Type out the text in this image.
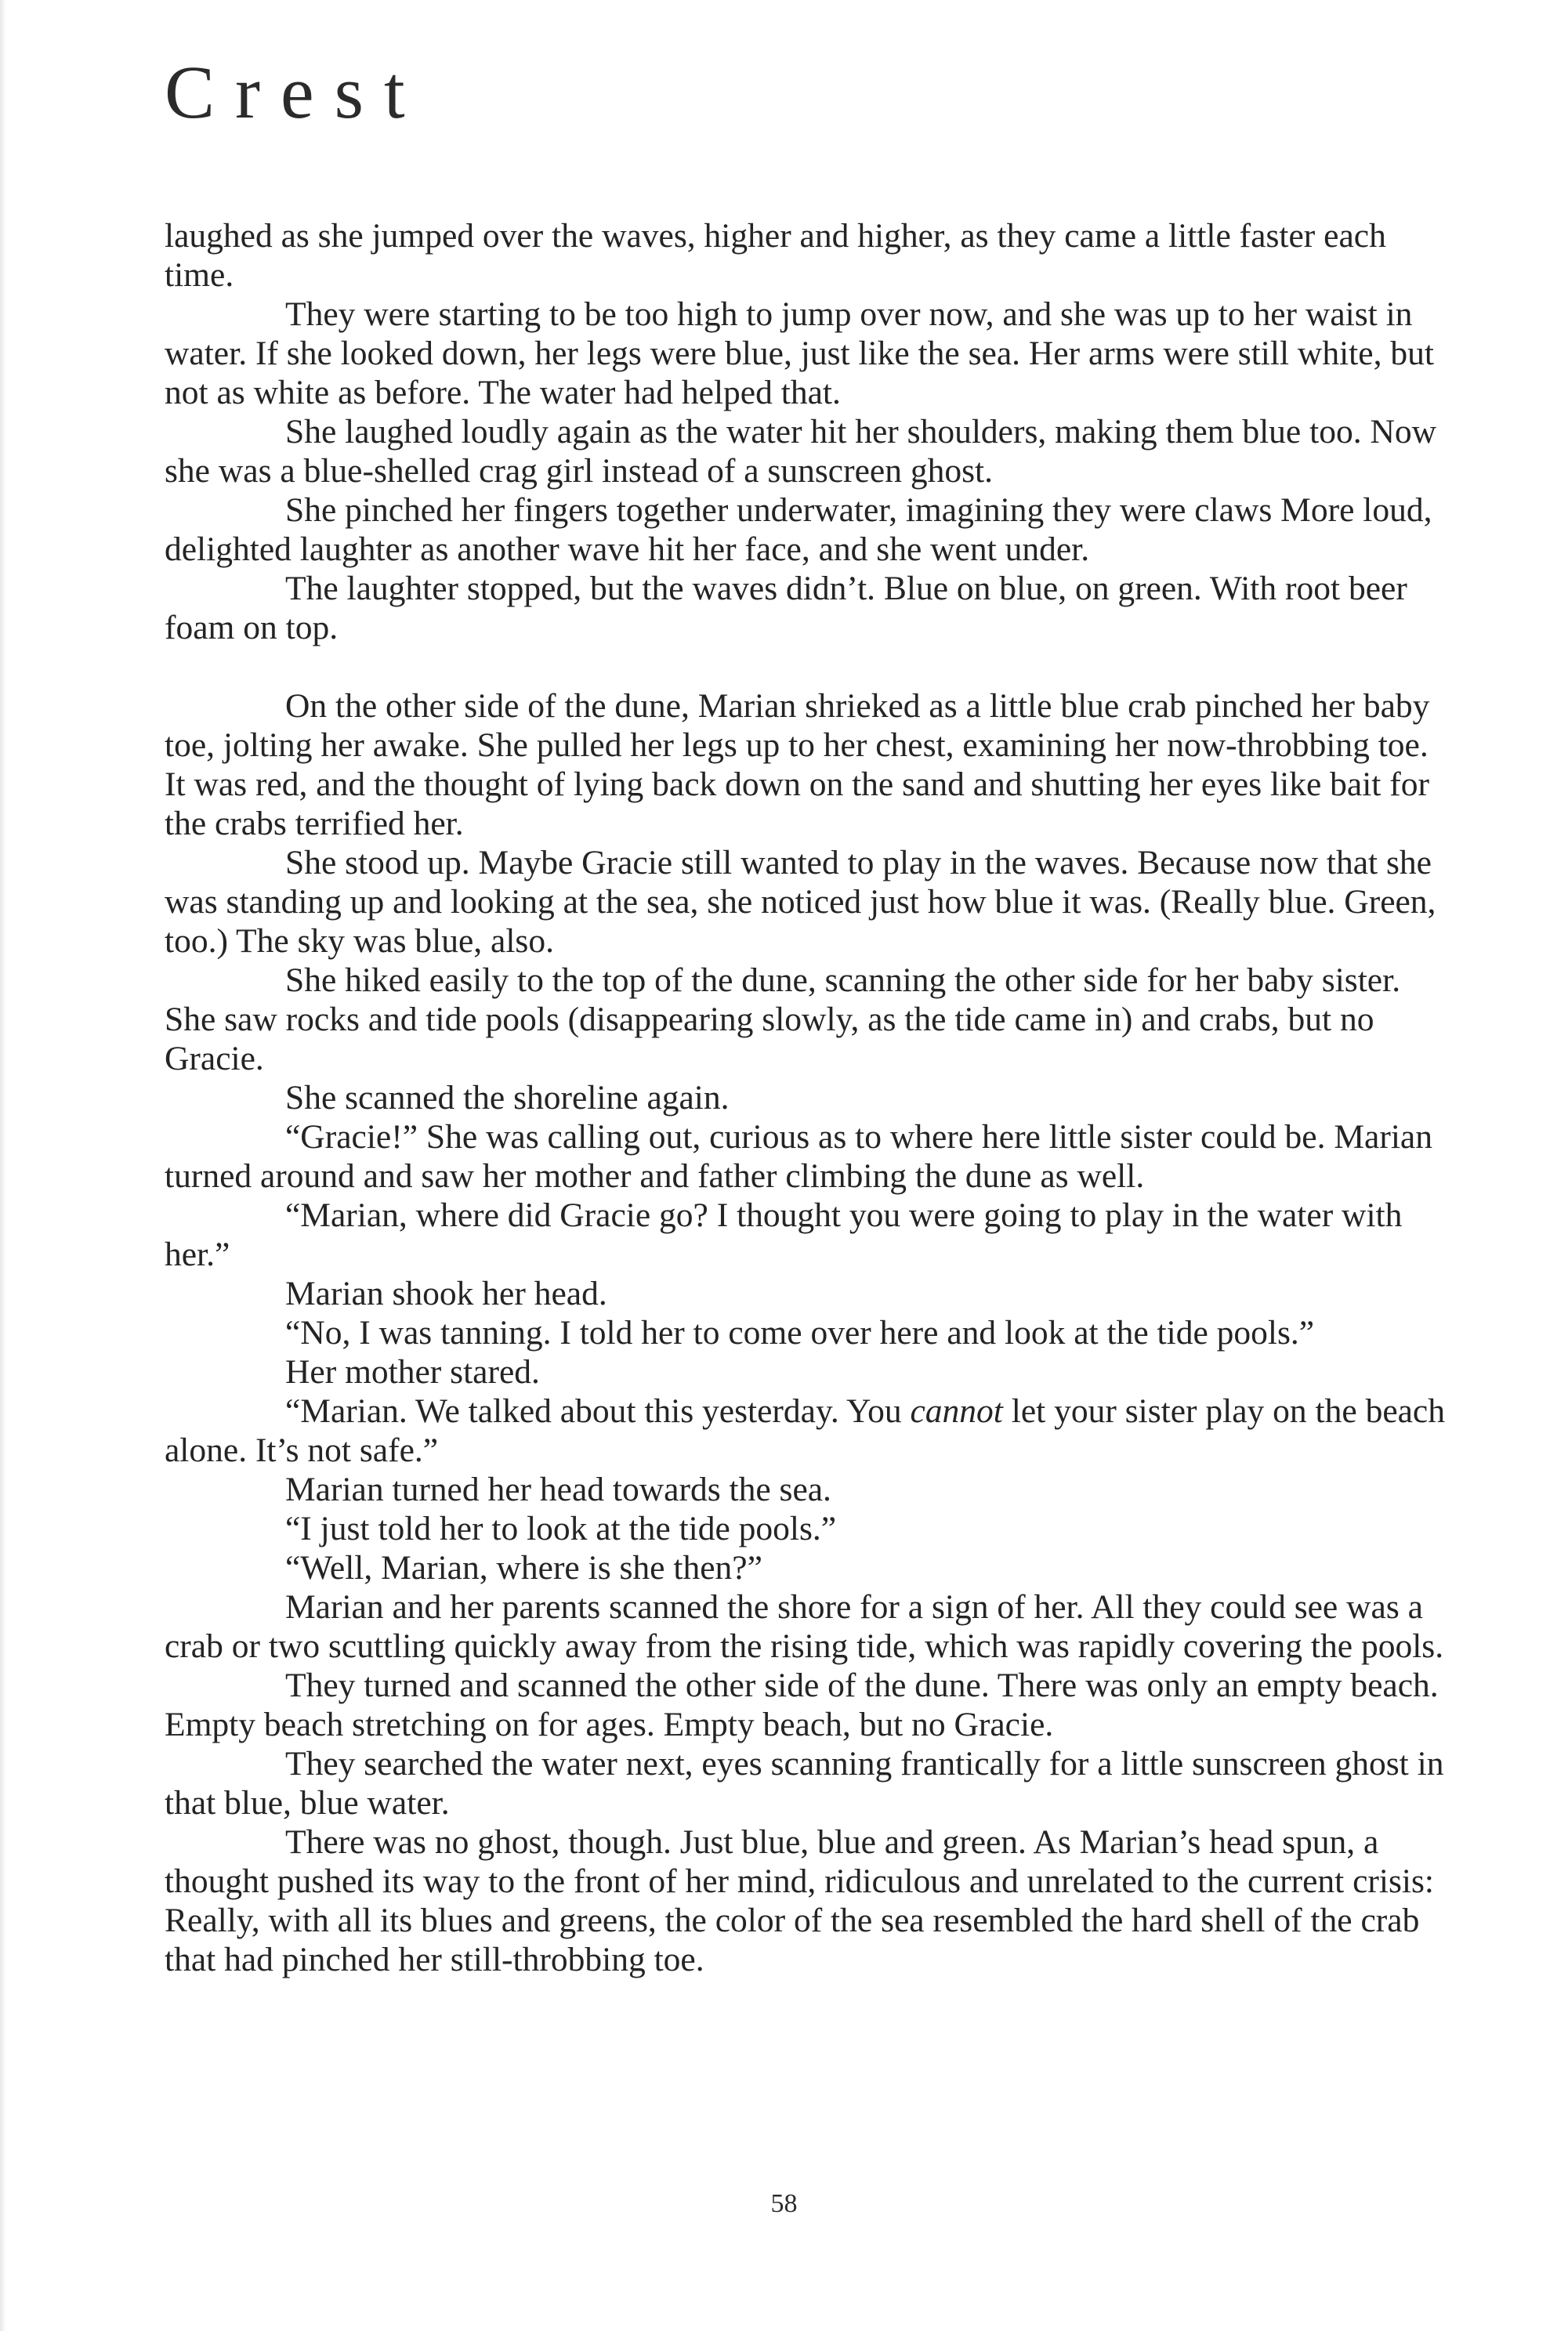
Crest

laughed as she jumped over the waves, higher and higher, as they came a little faster each time.

They were starting to be too high to jump over now, and she was up to her waist in water. If she looked down, her legs were blue, just like the sea. Her arms were still white, but not as white as before. The water had helped that.

She laughed loudly again as the water hit her shoulders, making them blue too. Now she was a blue-shelled crag girl instead of a sunscreen ghost.

She pinched her fingers together underwater, imagining they were claws More loud, delighted laughter as another wave hit her face, and she went under.

The laughter stopped, but the waves didn’t. Blue on blue, on green. With root beer foam on top.

On the other side of the dune, Marian shrieked as a little blue crab pinched her baby toe, jolting her awake. She pulled her legs up to her chest, examining her now-throbbing toe. It was red, and the thought of lying back down on the sand and shutting her eyes like bait for the crabs terrified her.

She stood up. Maybe Gracie still wanted to play in the waves. Because now that she was standing up and looking at the sea, she noticed just how blue it was. (Really blue. Green, too.) The sky was blue, also.

She hiked easily to the top of the dune, scanning the other side for her baby sister. She saw rocks and tide pools (disappearing slowly, as the tide came in) and crabs, but no Gracie.

She scanned the shoreline again.

“Gracie!” She was calling out, curious as to where here little sister could be. Marian turned around and saw her mother and father climbing the dune as well.

“Marian, where did Gracie go? I thought you were going to play in the water with her.”

Marian shook her head.

“No, I was tanning. I told her to come over here and look at the tide pools.”

Her mother stared.

“Marian. We talked about this yesterday. You cannot let your sister play on the beach alone. It’s not safe.”

Marian turned her head towards the sea.

“I just told her to look at the tide pools.”

“Well, Marian, where is she then?”

Marian and her parents scanned the shore for a sign of her. All they could see was a crab or two scuttling quickly away from the rising tide, which was rapidly covering the pools.

They turned and scanned the other side of the dune. There was only an empty beach. Empty beach stretching on for ages. Empty beach, but no Gracie.

They searched the water next, eyes scanning frantically for a little sunscreen ghost in that blue, blue water.

There was no ghost, though. Just blue, blue and green. As Marian’s head spun, a thought pushed its way to the front of her mind, ridiculous and unrelated to the current crisis: Really, with all its blues and greens, the color of the sea resembled the hard shell of the crab that had pinched her still-throbbing toe.

58
